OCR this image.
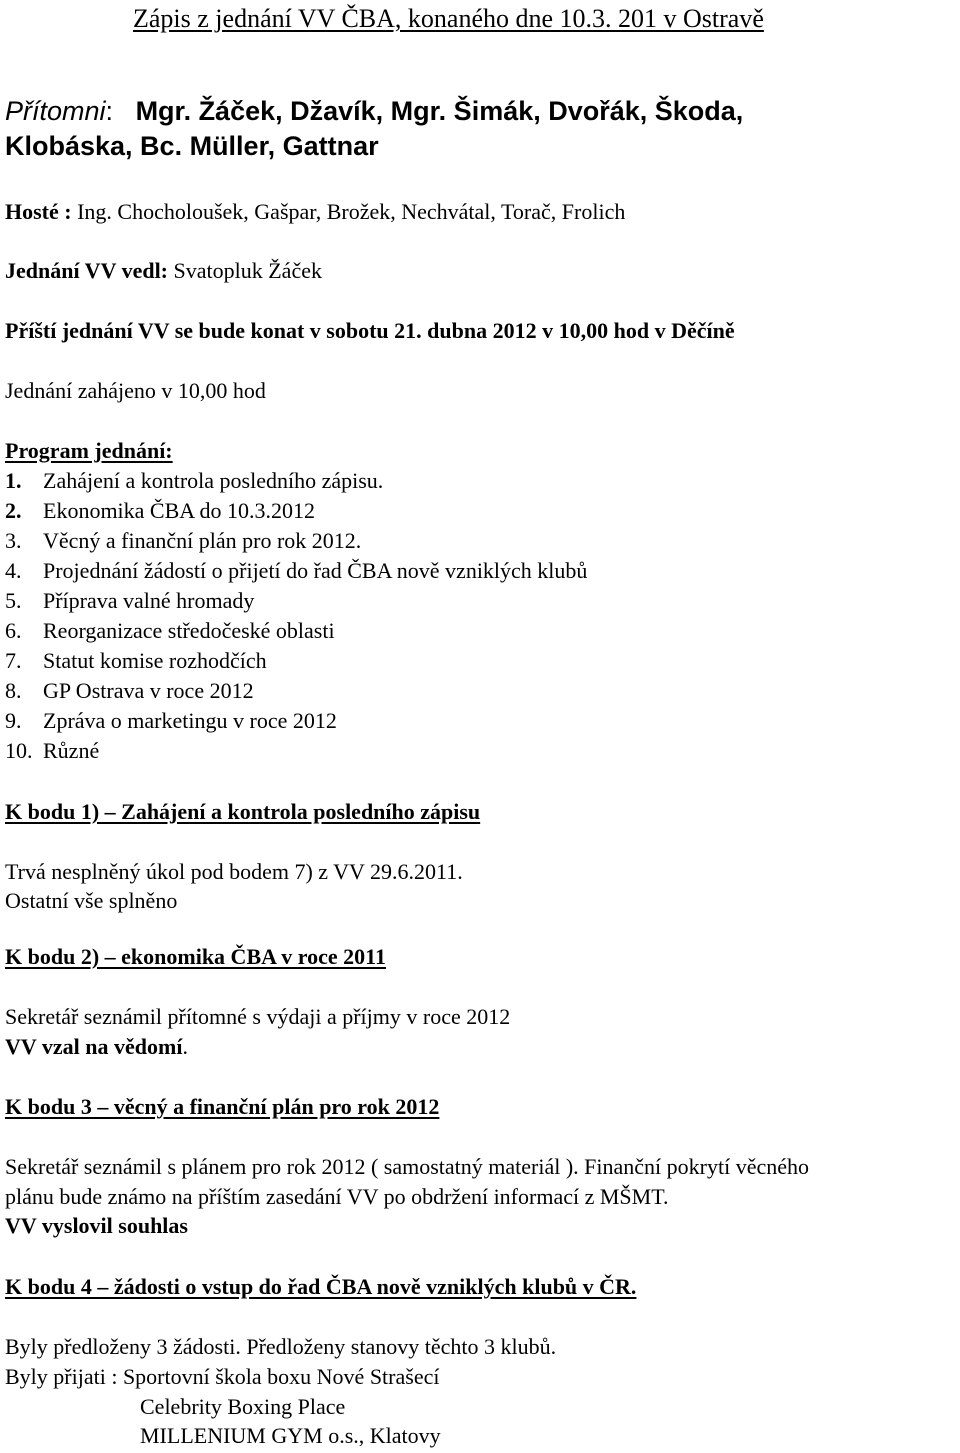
Zápis z jednání VV ČBA, konaného dne 10.3. 201 v Ostravě
Přítomni: Mgr. Žáček, Džavík, Mgr. Šimák, Dvořák, Škoda,
Klobáska, Bc. Müller, Gattnar
Hosté : Ing. Chocholoušek, Gašpar, Brožek, Nechvátal, Torač, Frolich
Jednání VV vedl: Svatopluk Žáček
Příští jednání VV se bude konat v sobotu 21. dubna 2012 v 10,00 hod v Děčíně
Jednání zahájeno v 10,00 hod
Program jednání:
1. Zahájení a kontrola posledního zápisu.
2. Ekonomika ČBA do 10.3.2012
3. Věcný a finanční plán pro rok 2012.
4. Projednání žádostí o přijetí do řad ČBA nově vzniklých klubů
5. Příprava valné hromady
6. Reorganizace středočeské oblasti
7. Statut komise rozhodčích
8. GP Ostrava v roce 2012
9. Zpráva o marketingu v roce 2012
10. Různé
K bodu 1) – Zahájení a kontrola posledního zápisu
Trvá nesplněný úkol pod bodem 7) z VV 29.6.2011.
Ostatní vše splněno
K bodu 2) – ekonomika ČBA v roce 2011
Sekretář seznámil přítomné s výdaji a příjmy v roce 2012
VV vzal na vědomí.
K bodu 3 – věcný a finanční plán pro rok 2012
Sekretář seznámil s plánem pro rok 2012 ( samostatný materiál ). Finanční pokrytí věcného
plánu bude známo na příštím zasedání VV po obdržení informací z MŠMT.
VV vyslovil souhlas
K bodu 4 – žádosti o vstup do řad ČBA nově vzniklých klubů v ČR.
Byly předloženy 3 žádosti. Předloženy stanovy těchto 3 klubů.
Byly přijati : Sportovní škola boxu Nové Strašecí
Celebrity Boxing Place
MILLENIUM GYM o.s., Klatovy
